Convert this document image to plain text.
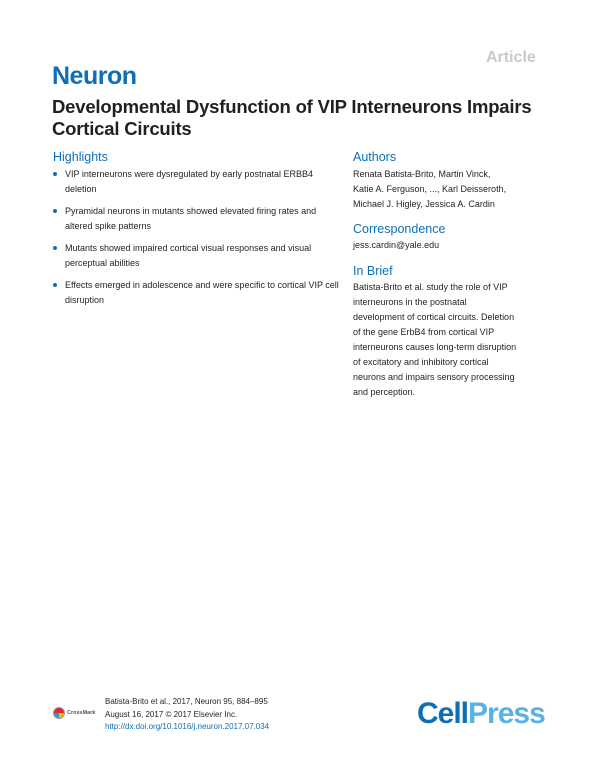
Article
Neuron
Developmental Dysfunction of VIP Interneurons Impairs Cortical Circuits
Highlights
VIP interneurons were dysregulated by early postnatal ERBB4 deletion
Pyramidal neurons in mutants showed elevated firing rates and altered spike patterns
Mutants showed impaired cortical visual responses and visual perceptual abilities
Effects emerged in adolescence and were specific to cortical VIP cell disruption
Authors
Renata Batista-Brito, Martin Vinck,
Katie A. Ferguson, ..., Karl Deisseroth,
Michael J. Higley, Jessica A. Cardin
Correspondence
jess.cardin@yale.edu
In Brief
Batista-Brito et al. study the role of VIP
interneurons in the postnatal
development of cortical circuits. Deletion
of the gene ErbB4 from cortical VIP
interneurons causes long-term disruption
of excitatory and inhibitory cortical
neurons and impairs sensory processing
and perception.
CrossMark
Batista-Brito et al., 2017, Neuron 95, 884–895
August 16, 2017 © 2017 Elsevier Inc.
http://dx.doi.org/10.1016/j.neuron.2017.07.034	CellPress
